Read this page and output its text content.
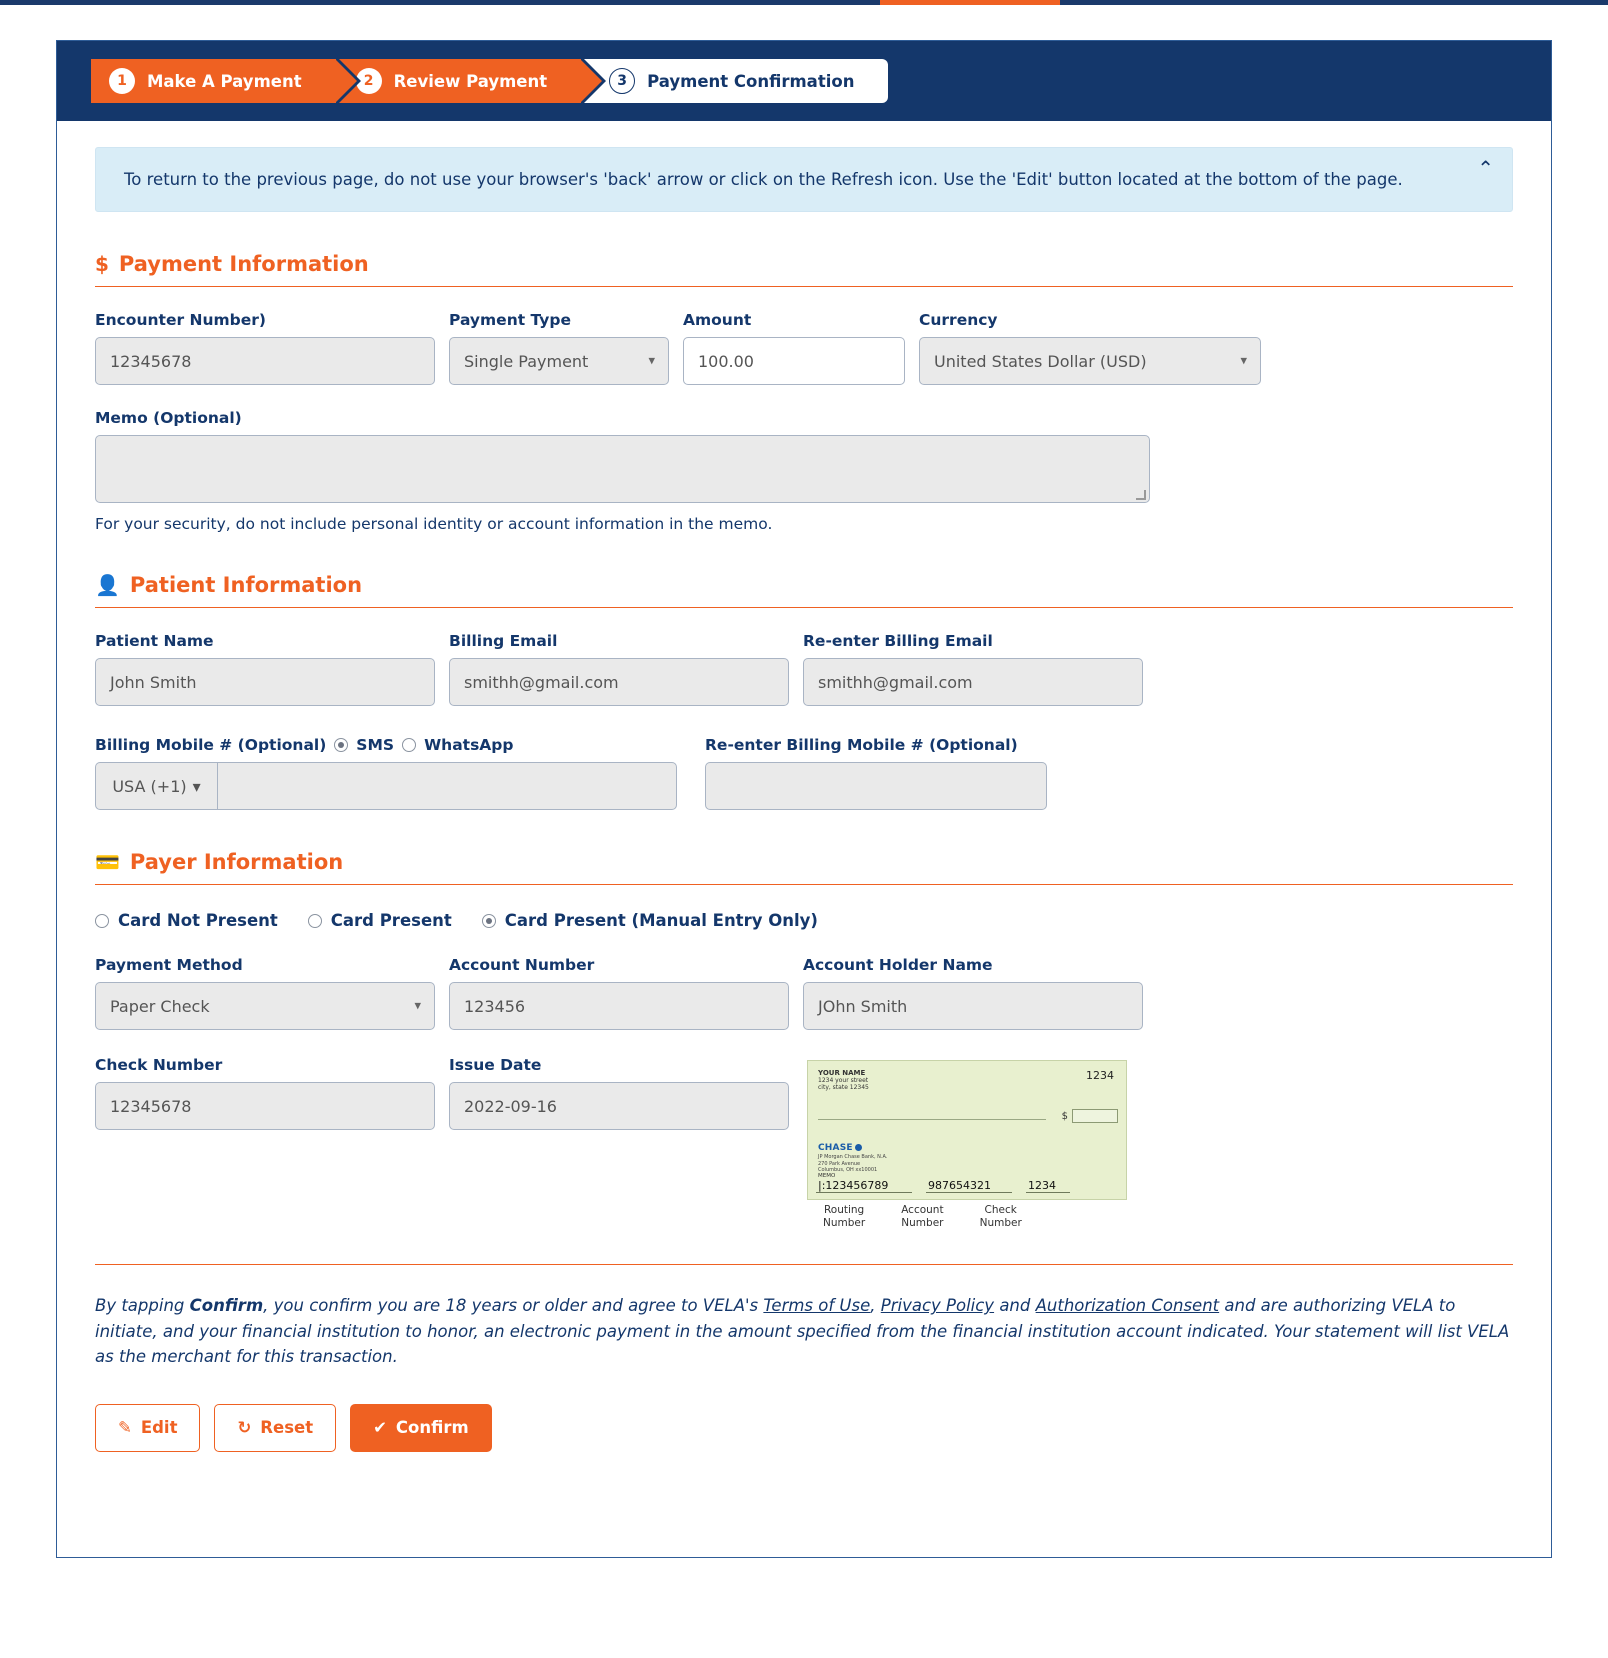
1	Make A Payment	2	Review Payment	3	Payment Confirmation
To return to the previous page, do not use your browser's 'back' arrow or click on the Refresh icon. Use the 'Edit' button located at the bottom of the page.	⌃
$ Payment Information
Encounter Number)
12345678
Payment Type
Single Payment	▾
Amount
100.00
Currency
United States Dollar (USD)	▾
Memo (Optional)
For your security, do not include personal identity or account information in the memo.
👤 Patient Information
Patient Name
John Smith
Billing Email
smithh@gmail.com
Re-enter Billing Email
smithh@gmail.com
Billing Mobile # (Optional) SMS WhatsApp
USA (+1) ▾
Re-enter Billing Mobile # (Optional)
💳 Payer Information
Card Not Present	Card Present	Card Present (Manual Entry Only)
Payment Method
Paper Check	▾
Account Number
123456
Account Holder Name
JOhn Smith
Check Number
12345678
Issue Date
2022-09-16
YOUR NAME
1234 your street
city, state 12345
1234
$
CHASE
JP Morgan Chase Bank, N.A.
270 Park Avenue
Columbus, OH xx10001
MEMO
|:123456789	987654321	1234
Routing
Number
Account
Number
Check
Number
By tapping Confirm, you confirm you are 18 years or older and agree to VELA's Terms of Use, Privacy Policy and Authorization Consent and are authorizing VELA to initiate, and your financial institution to honor, an electronic payment in the amount specified from the financial institution account indicated. Your statement will list VELA as the merchant for this transaction.
✎ Edit	↻ Reset	✔ Confirm
